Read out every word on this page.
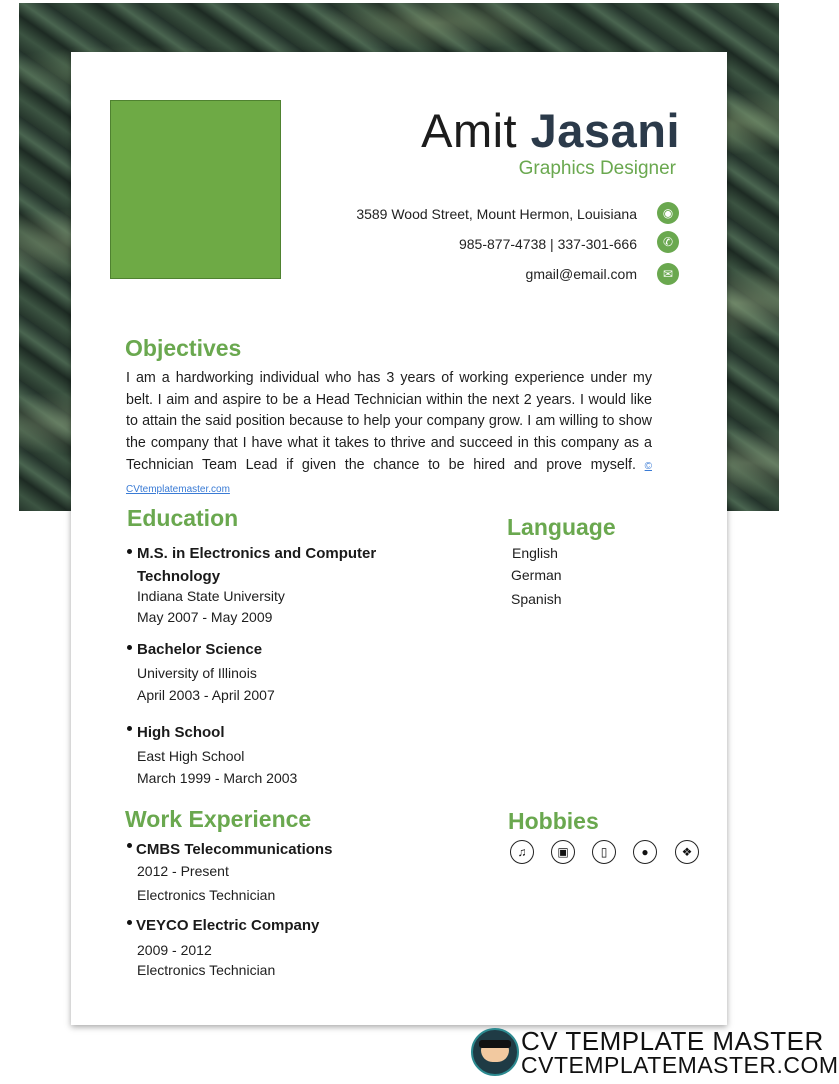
Amit Jasani
Graphics Designer
3589 Wood Street, Mount Hermon, Louisiana	◉
985-877-4738 | 337-301-666	✆
gmail@email.com	✉
Objectives
I am a hardworking individual who has 3 years of working experience under my belt. I aim and aspire to be a Head Technician within the next 2 years. I would like to attain the said position because to help your company grow. I am willing to show the company that I have what it takes to thrive and succeed in this company as a Technician Team Lead if given the chance to be hired and prove myself. © CVtemplatemaster.com
Education
M.S. in Electronics and Computer
Technology
Indiana State University
May 2007 - May 2009
Bachelor Science
University of Illinois
April 2003 - April 2007
High School
East High School
March 1999 - March 2003
Language
English
German
Spanish
Work Experience
CMBS Telecommunications
2012 - Present
Electronics Technician
VEYCO Electric Company
2009 - 2012
Electronics Technician
Hobbies
♫	▣	▯	●	❖
CV TEMPLATE MASTER
CVTEMPLATEMASTER.COM
